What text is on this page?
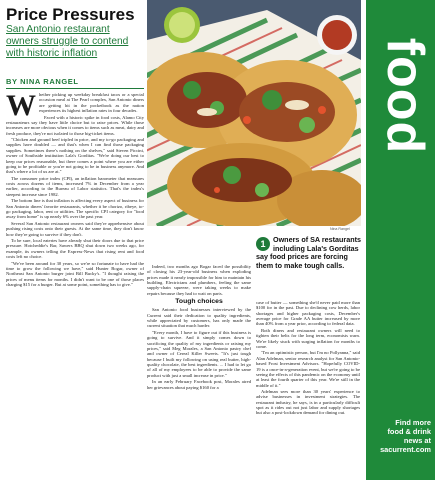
Price Pressures
San Antonio restaurant
owners struggle to contend
with historic inflation
BY NINA RANGEL

Whether picking up weekday breakfast tacos or a special occasion meal at The Pearl complex, San Antonio diners are getting hit in the pocketbook as the nation experiences its highest inflation rates in four decades.

Faced with a historic spike in food costs, Alamo City restaurateurs say they have little choice but to raise prices. While those increases are more obvious when it comes to items such as meat, dairy and fresh produce, they're not isolated to those big-ticket items.

"Chicken and ground beef tripled in price, and my to-go packaging and supplies have doubled — and that's when I can find those packaging supplies. Sometimes there's nothing on the shelves," said Steven Piccini, owner of Southside institution Lala's Gorditas. "We're doing our best to keep our prices reasonable, but there comes a point where you are either going to be profitable or you're not going to be in business anymore. And that's where a lot of us are at."

The consumer price index (CPI), an inflation barometer that measures costs across dozens of items, increased 7% in December from a year earlier, according to the Bureau of Labor statistics. That's the index's steepest increase since 1982.

The bottom line is that inflation is affecting every aspect of business for San Antonio diners' favorite restaurants, whether it be chorizo, ribeye, to-go packaging, labor, rent or utilities. The specific CPI category for "food away from home" is up nearly 6% over the past year.

Several San Antonio restaurant owners said they're apprehensive about pushing rising costs onto their guests. At the same time, they don't know how they're going to survive if they don't.

To be sure, local eateries have already shut their doors due to that price pressure. Hotcheddie's Bar, Sawers BBQ shut down two weeks ago, for example, its owners telling the Express-News that rising rent and food costs left no choice.

"We've been around for 30 years, so we're so fortunate to have had the time to grow the following we have," said Hunter Bogar, owner of Northeast San Antonio burger joint Bill Bucky's. "I thought raising the prices of menu items for months. I didn't want to be one of those places charging $15 for a burger. But at some point, something has to give."

Nina Rangel

Indeed, two months ago Bogar faced the possibility of closing his 23-year-old business when exploding prices made it nearly impossible for him to maintain his building. Electricians and plumbers, feeling the same supply-chain squeeze, were taking weeks to make repairs because they had to wait on parts.

Tough choices

San Antonio food businesses interviewed by the Current said their dedication to quality ingredients, while appreciated by customers, has only made the current situation that much harder.

"Every month, I have to figure out if this business is going to survive. And it simply comes down to sacrificing the quality of my ingredients or raising my prices," said Meg Morales, a San Antonio pastry chef and owner of Cereal Killer Sweets. "It's just tough because I built my following on using real butter, high-quality chocolate, the best ingredients. ... I had to let go of all of my employees to be able to provide the same product with just a small increase in price."

In an early February Facebook post, Morales aired her grievances about paying $160 for a

1	Owners of SA restaurants including Lala's Gorditas say food prices are forcing them to make tough calls.

case of butter — something she'd never paid more than $100 for in the past. Due to declining cow herds, labor shortages and higher packaging costs, December's average price for Grade AA butter increased by more than 40% from a year prior, according to federal data.

Both diners and restaurant owners will need to tighten their belts for the long term, economists warn. We're likely stuck with surging inflation for months to come.

"I'm an optimistic person, but I'm no Pollyanna," said Alan Adelman, senior research analyst for San Antonio-based Frost Investment Advisors. "Hopefully COVID-19 is a once-in-a-generation event, but we're going to be seeing the effects of this pandemic on the economy until at least the fourth quarter of this year. We're still in the middle of it."

Adelman sees more than 30 years' experience to advise businesses in investment strategies. The restaurant industry, he says, is in a particularly difficult spot as it rides out not just labor and supply shortages but also a post-lockdown demand for dining out.

food
Find more
food & drink
news at
sacurrent.com
